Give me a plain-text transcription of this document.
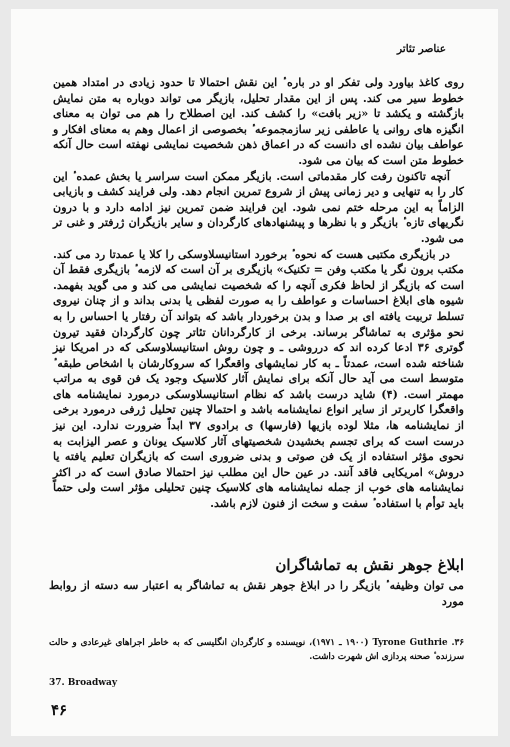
عناصر تئاتر

روی کاغذ بیاورد ولی تفکر او در باره ٔ این نقش احتمالا تا حدود زیادی در امتداد همین خطوط سیر می کند. پس از این مقدار تحلیل، بازیگر می تواند دوباره به متن نمایش بازگشته و یکشد تا «زیر بافت» را کشف کند. این اصطلاح را هم می توان به معنای انگیزه های روانی یا عاطفی زیر سازمجموعه ٔ بخصوصی از اعمال وهم به معنای افکار و عواطف بیان نشده ای دانست که در اعماق ذهن شخصیت نمایشی نهفته است حال آنکه خطوط متن است که بیان می شود.

آنچه تاکنون رفت کار مقدماتی است. بازیگر ممکن است سراسر یا بخش عمده ٔ این کار را به تنهایی و دیر زمانی پیش از شروع تمرین انجام دهد. ولی فرایند کشف و بازیابی الزاماً به این مرحله ختم نمی شود. این فرایند ضمن تمرین نیز ادامه دارد و با درون نگریهای تازه ٔ بازیگر و با نظرها و پیشنهادهای کارگردان و سایر بازیگران ژرفتر و غنی تر می شود.

در بازیگری مکتبی هست که نحوه ٔ برخورد استانیسلاوسکی را کلا یا عمدتا رد می کند. مکتب برون نگر یا مکتب وفن = تکنیک» بازیگری بر آن است که لازمه ٔ بازیگری فقط آن است که بازیگر از لحاظ فکری آنچه را که شخصیت نمایشی می کند و می گوید بفهمد. شیوه های ابلاغ احساسات و عواطف را به صورت لفظی یا بدنی بداند و از چنان نیروی تسلط تربیت یافته ای بر صدا و بدن برخوردار باشد که بتواند آن رفتار یا احساس را به نحو مؤثری به تماشاگر برساند. برخی از کارگردانان تئاتر چون کارگردان فقید تیرون گوتری ۳۶ ادعا کرده اند که درروشی ـ و چون روش استانیسلاوسکی که در امریکا نیز شناخته شده است، عمدتاً ـ به کار نمایشهای واقعگرا که سروکارشان با اشخاص طبقه ٔ متوسط است می آید حال آنکه برای نمایش آثار کلاسیک وجود یک فن قوی به مراتب مهمتر است. (۴) شاید درست باشد که نظام استانیسلاوسکی درمورد نمایشنامه های واقعگرا کاربرتر از سایر انواع نمایشنامه باشد و احتمالا چنین تحلیل ژرفی درمورد برخی از نمایشنامه ها، مثلا لوده بازیها (فارسها) ی برادوی ۳۷ ابداً ضرورت ندارد. این نیز درست است که برای تجسم بخشیدن شخصیتهای آثار کلاسیک یونان و عصر الیزابت به نحوی مؤثر استفاده از یک فن صوتی و بدنی ضروری است که بازیگران تعلیم یافته یا دروش» امریکایی فاقد آنند. در عین حال این مطلب نیز احتمالا صادق است که در اکثر نمایشنامه های خوب از جمله نمایشنامه های کلاسیک چنین تحلیلی مؤثر است ولی حتماً باید توأم با استفاده ٔ سفت و سخت از فنون لازم باشد.

ابلاغ جوهر نقش به تماشاگران
می توان وظیفه ٔ بازیگر را در ابلاغ جوهر نقش به تماشاگر به اعتبار سه دسته از روابط مورد
۳۶. Tyrone Guthrie (۱۹۰۰ ـ ۱۹۷۱)، نویسنده و کارگردان انگلیسی که به خاطر اجراهای غیرعادی و حالت سرزنده ٔ صحنه پردازی اش شهرت داشت.
37. Broadway
۴۶
